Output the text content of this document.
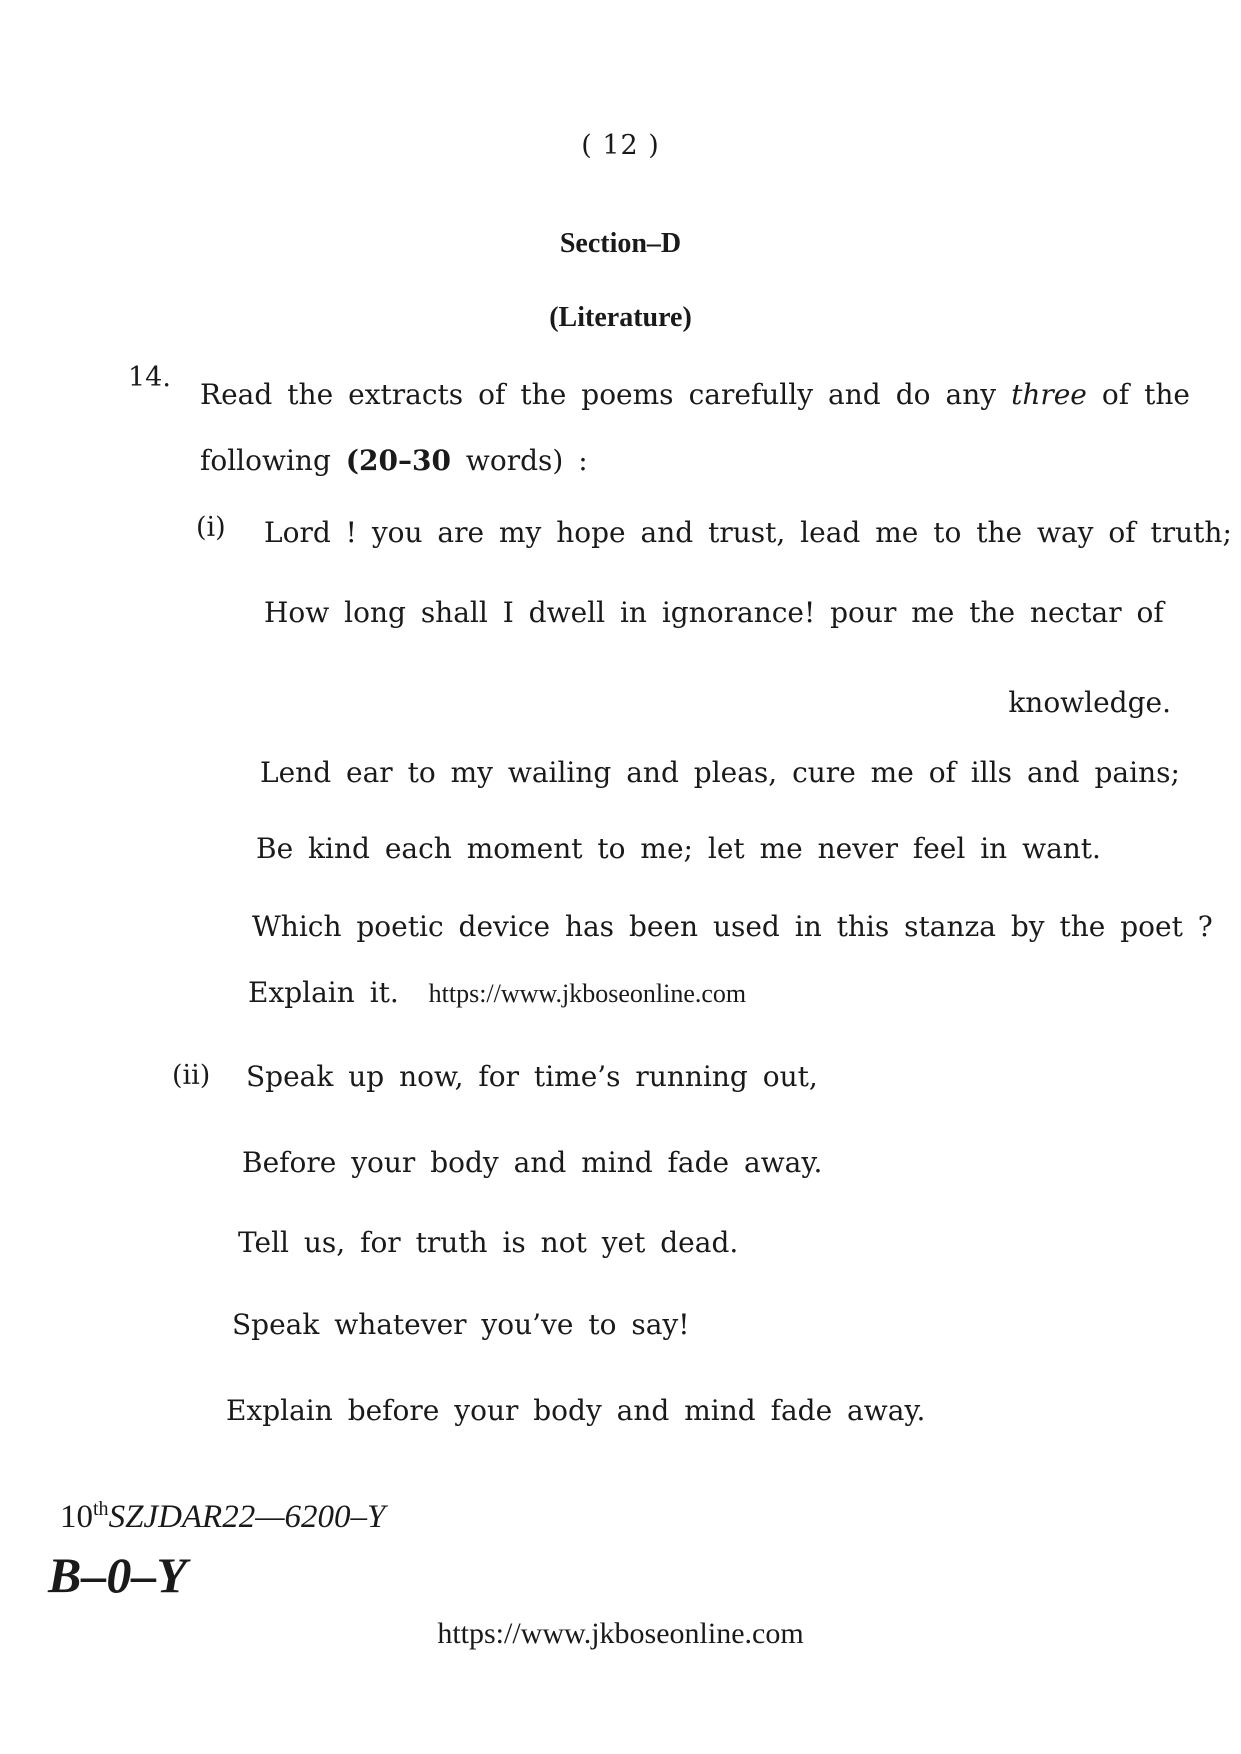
( 12 )
Section–D
(Literature)
14.
Read the extracts of the poems carefully and do any three of the following (20–30 words) :
(i) Lord ! you are my hope and trust, lead me to the way of truth;
How long shall I dwell in ignorance! pour me the nectar of
knowledge.
Lend ear to my wailing and pleas, cure me of ills and pains;
Be kind each moment to me; let me never feel in want.
Which poetic device has been used in this stanza by the poet ?
Explain it. https://www.jkboseonline.com
(ii) Speak up now, for time’s running out,
Before your body and mind fade away.
Tell us, for truth is not yet dead.
Speak whatever you’ve to say!
Explain before your body and mind fade away.
10thSZJDAR22—6200–Y
B–0–Y
https://www.jkboseonline.com
